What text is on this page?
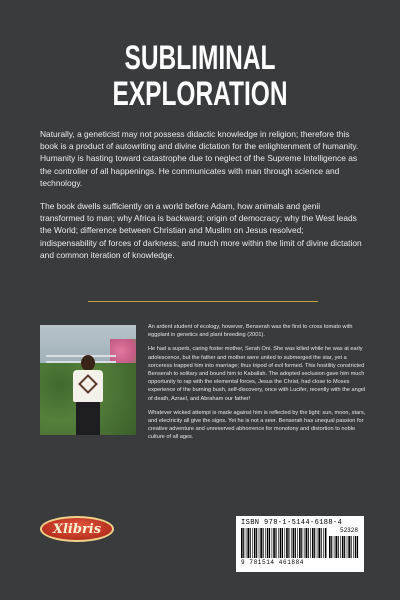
SUBLIMINAL
EXPLORATION

Naturally, a geneticist may not possess didactic knowledge in religion; therefore this book is a product of autowriting and divine dictation for the enlightenment of humanity. Humanity is hasting toward catastrophe due to neglect of the Supreme Intelligence as the controller of all happenings. He communicates with man through science and technology.

The book dwells sufficiently on a world before Adam, how animals and genii transformed to man; why Africa is backward; origin of democracy; why the West leads the World; difference between Christian and Muslim on Jesus resolved; indispensability of forces of darkness; and much more within the limit of divine dictation and common iteration of knowledge.

An ardent student of ecology, however, Benserah was the first to cross tomato with eggplant in genetics and plant breeding (2001).

He had a superb, caring foster mother, Serah Oni. She was killed while he was at early adolescence, but the father and mother were united to submerged the star, yet a sorceress trapped him into marriage; thus tripod of evil formed. This hostility constricted Benserah to solitary and bound him to Kaballah. The adopted seclusion gave him much opportunity to rap with the elemental forces, Jesus the Christ, had close to Moses experience of the burning bush, self-discovery, once with Lucifer, recently with the angel of death, Azrael, and Abraham our father!

Whatever wicked attempt is made against him is reflected by the light: sun, moon, stars, and electricity all give the signs. Yet he is not a seer. Benserah has unequal passion for creative adventure and unreserved abhorrence for monotony and distortion to noble culture of all ages.

Xlibris	ISBN 978-1-5144-6188-4
52328
9 781514 461884
